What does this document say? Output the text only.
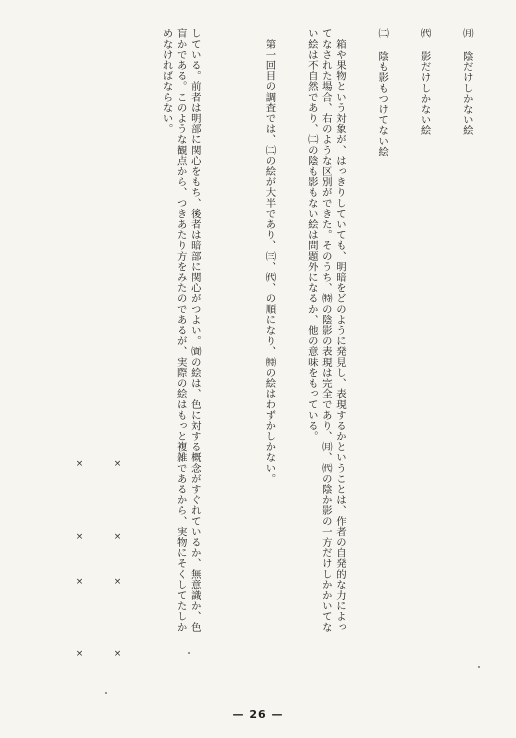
㈪ 陰だけしかない絵

㈹ 影だけしかない絵

㈡ 陰も影もつけてない絵

　箱や果物という対象が、はっきりしていても、明暗をどのように発見し、表現するかということは、作者の自発的な力によってなされた場合、右のような区別ができた。そのうち、㈵の陰影の表現は完全であり、㈪、㈹の陰か影の一方だけしかかいてない絵は不自然であり、㈡の陰も影もない絵は問題外になるか、他の意味をもっている。

　第一回目の調査では、㈡の絵が大半であり、㈢、㈹、の順になり、㈵の絵はわずかしかない。

している。前者は明部に関心をもち、後者は暗部に関心がつよい。㈾の絵は、色に対する概念がすぐれているか、無意識か、色盲かである。このような観点から、つきあたり方をみたのであるが、実際の絵はもっと複雑であるから、実物にそくしてたしかめなければならない。

×
×
×
×
×
×
×
×
— 26 —
